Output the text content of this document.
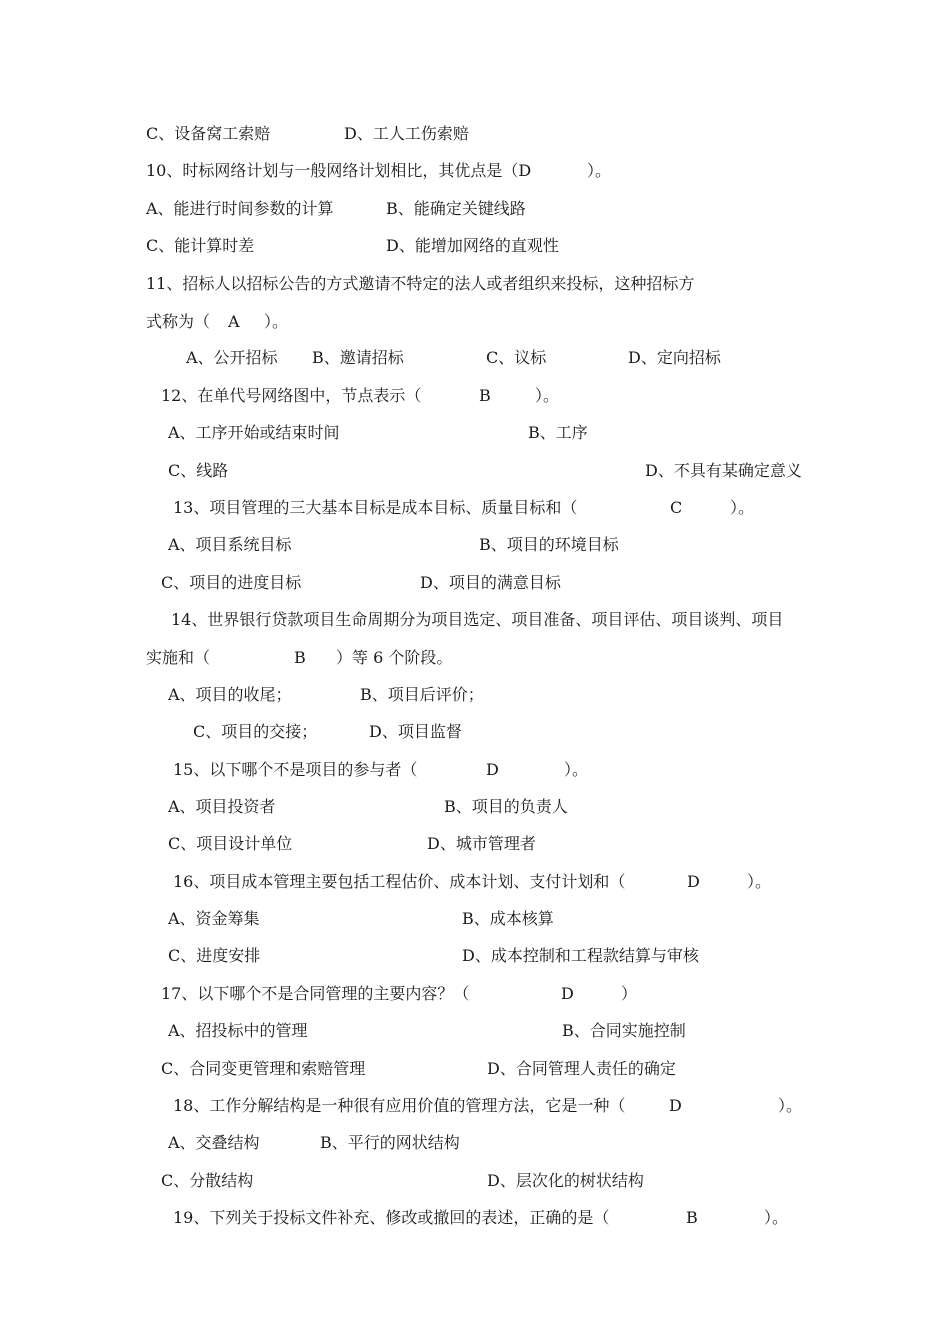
C、设备窝工索赔

	D、工人工伤索赔

10、时标网络计划与一般网络计划相比，其优点是（D

	）。

A、能进行时间参数的计算

	B、能确定关键线路

C、能计算时差

	D、能增加网络的直观性

11、招标人以招标公告的方式邀请不特定的法人或者组织来投标，这种招标方

式称为（

A

）。

A、公开招标

B、邀请招标

	C、议标

	D、定向招标

12、在单代号网络图中，节点表示（

	B

	）。

A、工序开始或结束时间

	B、工序

C、线路

	D、不具有某确定意义

13、项目管理的三大基本目标是成本目标、质量目标和（

	C

	）。

A、项目系统目标

	B、项目的环境目标

C、项目的进度目标

	D、项目的满意目标

14、世界银行贷款项目生命周期分为项目选定、项目准备、项目评估、项目谈判、项目

实施和（

	B

）等 6 个阶段。

A、项目的收尾；

	B、项目后评价；

C、项目的交接；

	D、项目监督

15、以下哪个不是项目的参与者（

	D

	）。

A、项目投资者

	B、项目的负责人

C、项目设计单位

	D、城市管理者

16、项目成本管理主要包括工程估价、成本计划、支付计划和（

	D

	）。

A、资金筹集

	B、成本核算

C、进度安排

	D、成本控制和工程款结算与审核

17、以下哪个不是合同管理的主要内容？（

	D

	）

A、招投标中的管理

	B、合同实施控制

C、合同变更管理和索赔管理

	D、合同管理人责任的确定

18、工作分解结构是一种很有应用价值的管理方法，它是一种（

	D

	）。

A、交叠结构

	B、平行的网状结构

C、分散结构

	D、层次化的树状结构

19、下列关于投标文件补充、修改或撤回的表述，正确的是（

	B

	）。
